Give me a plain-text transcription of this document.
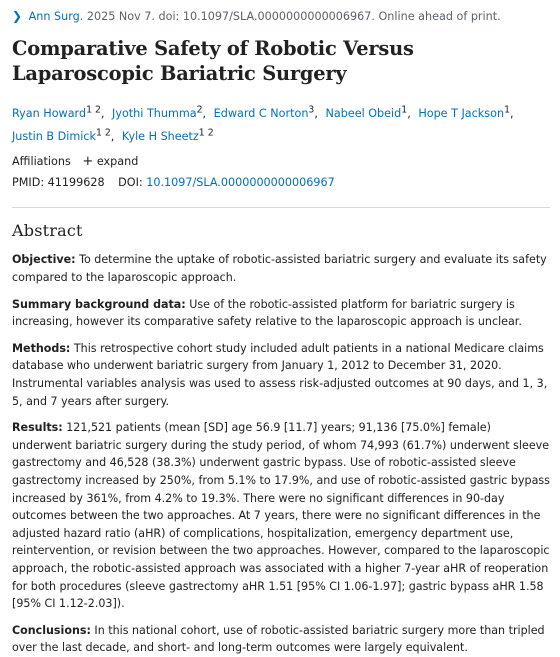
❯ Ann Surg. 2025 Nov 7. doi: 10.1097/SLA.0000000000006967. Online ahead of print.
Comparative Safety of Robotic Versus Laparoscopic Bariatric Surgery
Ryan Howard$^{1 2}$, Jyothi Thumma$^2$, Edward C Norton$^3$, Nabeel Obeid$^1$, Hope T Jackson$^1$,
Justin B Dimick$^{1 2}$, Kyle H Sheetz$^{1 2}$
Affiliations + expand
PMID: 41199628 DOI: 10.1097/SLA.0000000000006967
Abstract

Objective: To determine the uptake of robotic-assisted bariatric surgery and evaluate its safety compared to the laparoscopic approach.

Summary background data: Use of the robotic-assisted platform for bariatric surgery is increasing, however its comparative safety relative to the laparoscopic approach is unclear.

Methods: This retrospective cohort study included adult patients in a national Medicare claims database who underwent bariatric surgery from January 1, 2012 to December 31, 2020. Instrumental variables analysis was used to assess risk-adjusted outcomes at 90 days, and 1, 3, 5, and 7 years after surgery.

Results: 121,521 patients (mean [SD] age 56.9 [11.7] years; 91,136 [75.0%] female) underwent bariatric surgery during the study period, of whom 74,993 (61.7%) underwent sleeve gastrectomy and 46,528 (38.3%) underwent gastric bypass. Use of robotic-assisted sleeve gastrectomy increased by 250%, from 5.1% to 17.9%, and use of robotic-assisted gastric bypass increased by 361%, from 4.2% to 19.3%. There were no significant differences in 90-day outcomes between the two approaches. At 7 years, there were no significant differences in the adjusted hazard ratio (aHR) of complications, hospitalization, emergency department use, reintervention, or revision between the two approaches. However, compared to the laparoscopic approach, the robotic-assisted approach was associated with a higher 7-year aHR of reoperation for both procedures (sleeve gastrectomy aHR 1.51 [95% CI 1.06-1.97]; gastric bypass aHR 1.58 [95% CI 1.12-2.03]).

Conclusions: In this national cohort, use of robotic-assisted bariatric surgery more than tripled over the last decade, and short- and long-term outcomes were largely equivalent.
